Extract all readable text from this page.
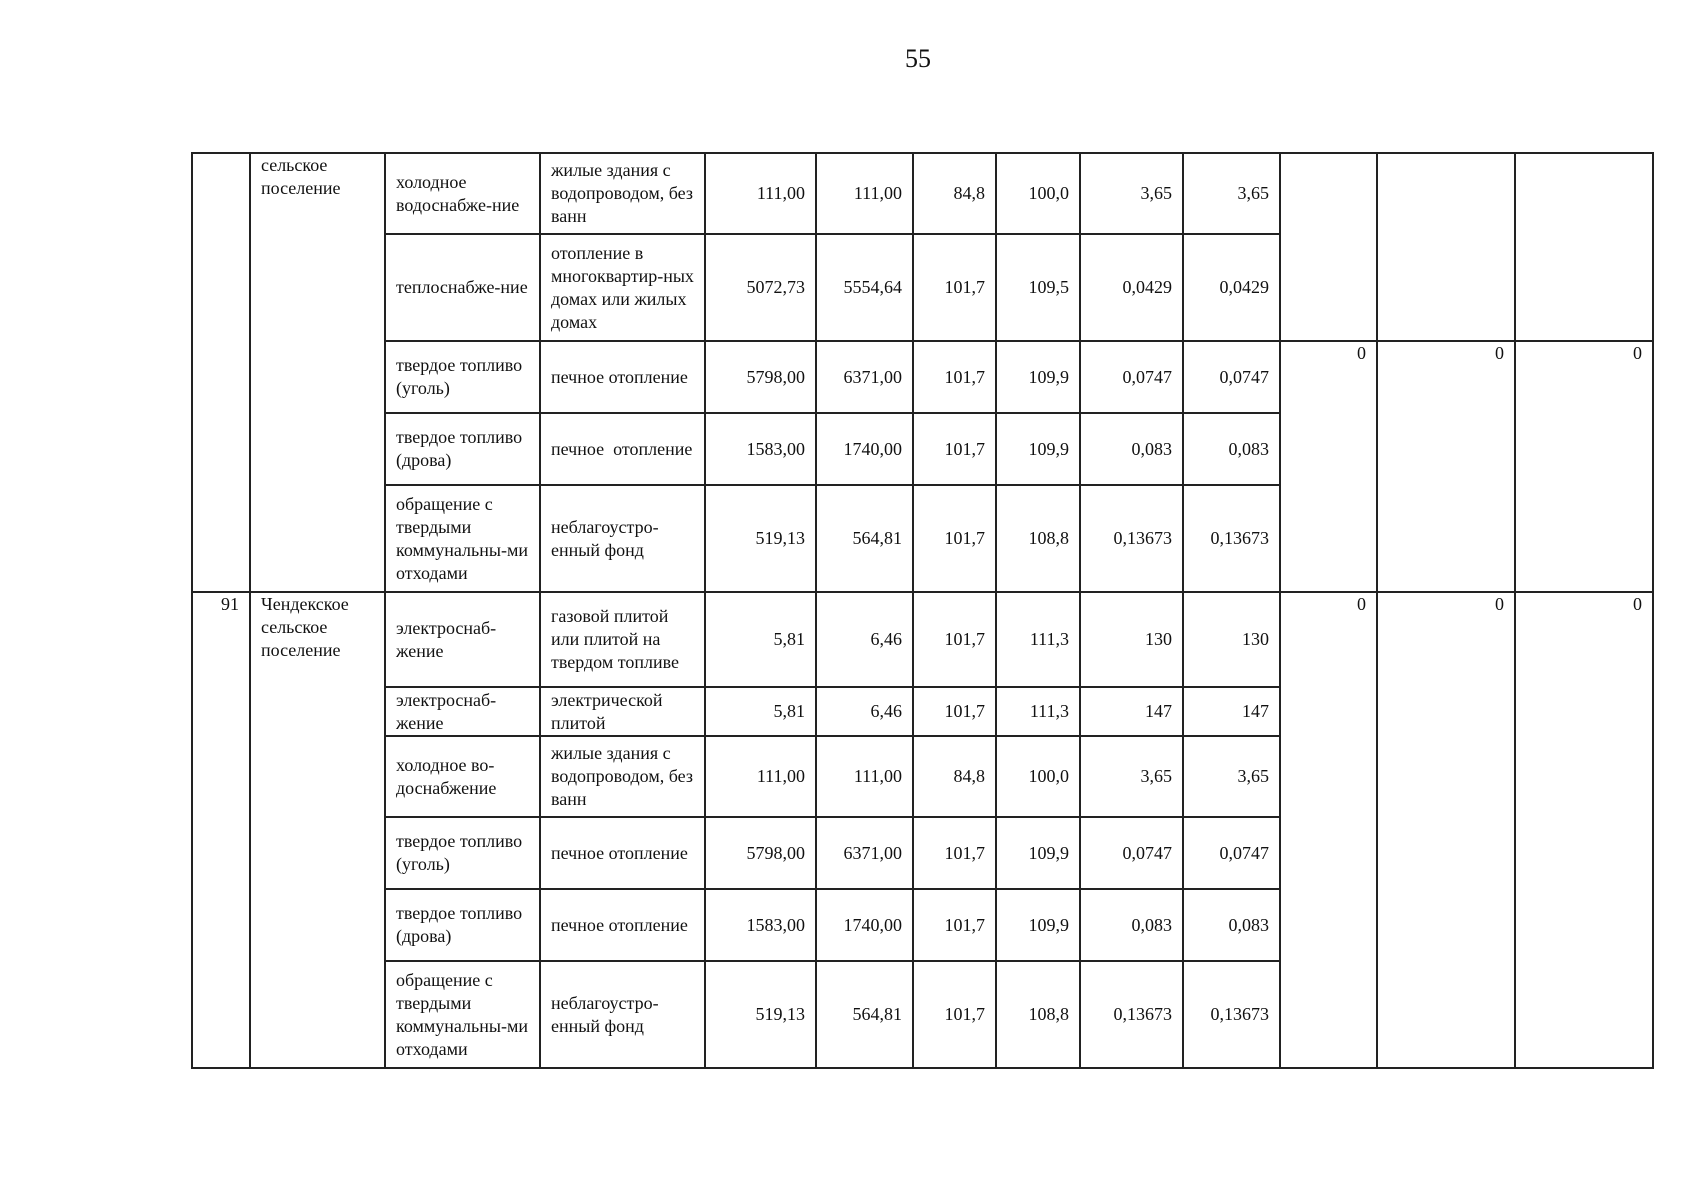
55
	сельское поселение	холодное водоснабже-ние	жилые здания с водопроводом, без ванн	111,00	111,00	84,8	100,0	3,65	3,65			
		теплоснабже-ние	отопление в многоквартир-ных домах или жилых домах	5072,73	5554,64	101,7	109,5	0,0429	0,0429			
		твердое топливо (уголь)	печное отопление	5798,00	6371,00	101,7	109,9	0,0747	0,0747	0	0	0
		твердое топливо (дрова)	печное  отопление	1583,00	1740,00	101,7	109,9	0,083	0,083			
		обращение с твердыми коммунальны-ми отходами	неблагоустро-енный фонд	519,13	564,81	101,7	108,8	0,13673	0,13673			
91	Чендекское сельское поселение	электроснаб-жение	газовой плитой или плитой на твердом топливе	5,81	6,46	101,7	111,3	130	130	0	0	0
		электроснаб-жение	электрической плитой	5,81	6,46	101,7	111,3	147	147			
		холодное во-доснабжение	жилые здания с водопроводом, без ванн	111,00	111,00	84,8	100,0	3,65	3,65			
		твердое топливо (уголь)	печное отопление	5798,00	6371,00	101,7	109,9	0,0747	0,0747			
		твердое топливо  (дрова)	печное отопление	1583,00	1740,00	101,7	109,9	0,083	0,083			
		обращение с твердыми коммунальны-ми отходами	неблагоустро-енный фонд	519,13	564,81	101,7	108,8	0,13673	0,13673			
